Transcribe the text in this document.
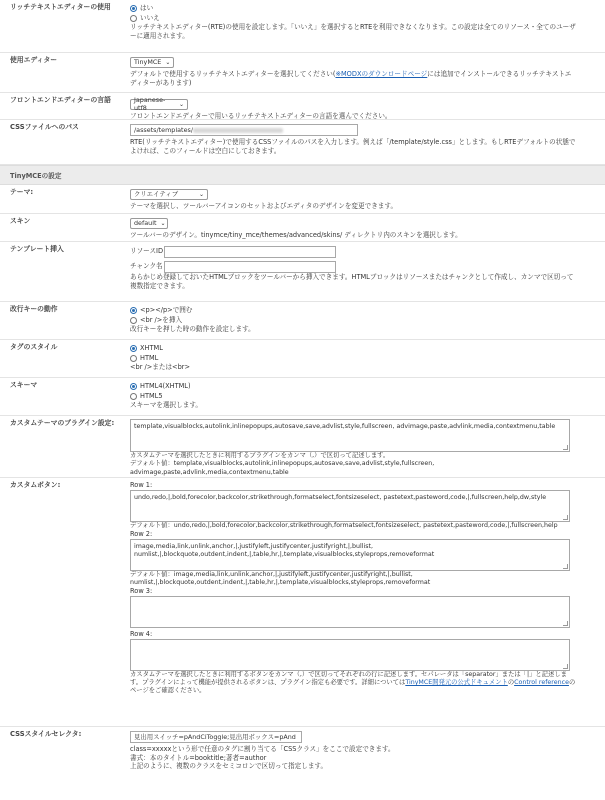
リッチテキストエディターの使用	はい
いいえ
リッチテキストエディター(RTE)の使用を設定します。「いいえ」を選択するとRTEを利用できなくなります。この設定は全てのリソース・全てのユーザーに適用されます。
使用エディター	TinyMCE ⌄
デフォルトで使用するリッチテキストエディターを選択してください(※MODXのダウンロードページには追加でインストールできるリッチテキストエディターがあります)
フロントエンドエディターの言語	Japanese-utf8
⌄
フロントエンドエディターで用いるリッチテキストエディターの言語を選んでください。
CSSファイルへのパス	/assets/templates/
RTE(リッチテキストエディター)で使用するCSSファイルのパスを入力します。例えば「/template/style.css」とします。もしRTEデフォルトの状態でよければ、このフィールドは空白にしておきます。
TinyMCEの設定
テーマ:	クリエイティブ	⌄
テーマを選択し、ツールバーアイコンのセットおよびエディタのデザインを変更できます。
スキン	default ⌄
ツールバーのデザイン。tinymce/tiny_mce/themes/advanced/skins/ ディレクトリ内のスキンを選択します。
テンプレート挿入	リソースID
チャンク名
あらかじめ登録しておいたHTMLブロックをツールバーから挿入できます。HTMLブロックはリソースまたはチャンクとして作成し、カンマで区切って複数指定できます。
改行キーの動作	<p></p>で囲む
<br />を挿入
改行キーを押した時の動作を設定します。
タグのスタイル	XHTML
HTML
<br />または<br>
スキーマ	HTML4(XHTML)
HTML5
スキーマを選択します。
カスタムテーマのプラグイン設定:	template,visualblocks,autolink,inlinepopups,autosave,save,advlist,style,fullscreen, advimage,paste,advlink,media,contextmenu,table
カスタムテーマを選択したときに利用するプラグインをカンマ（,）で区切って記述します。
デフォルト値：template,visualblocks,autolink,inlinepopups,autosave,save,advlist,style,fullscreen, advimage,paste,advlink,media,contextmenu,table
カスタムボタン:	Row 1:
undo,redo,|,bold,forecolor,backcolor,strikethrough,formatselect,fontsizeselect, pastetext,pasteword,code,|,fullscreen,help,dw,style
デフォルト値：undo,redo,|,bold,forecolor,backcolor,strikethrough,formatselect,fontsizeselect, pastetext,pasteword,code,|,fullscreen,help
Row 2:
image,media,link,unlink,anchor,|,justifyleft,justifycenter,justifyright,|,bullist, numlist,|,blockquote,outdent,indent,|,table,hr,|,template,visualblocks,styleprops,removeformat
デフォルト値：image,media,link,unlink,anchor,|,justifyleft,justifycenter,justifyright,|,bullist, numlist,|,blockquote,outdent,indent,|,table,hr,|,template,visualblocks,styleprops,removeformat
Row 3:
Row 4:
カスタムテーマを選択したときに利用するボタンをカンマ（,）で区切ってそれぞれの行に記述します。セパレータは「separator」または「|」と記述します。プラグインによって機能が提供されるボタンは、プラグイン指定も必要です。詳細についてはTinyMCE開発元の公式ドキュメントのControl referenceのページをご確認ください。
CSSスタイルセレクタ:	見出用スイッチ=pAndCiToggle;見出用ボックス=pAnd
class=xxxxxという形で任意のタグに割り当てる「CSSクラス」をここで設定できます。
書式：本のタイトル=booktitle;著者=author
上記のように、複数のクラスをセミコロンで区切って指定します。
